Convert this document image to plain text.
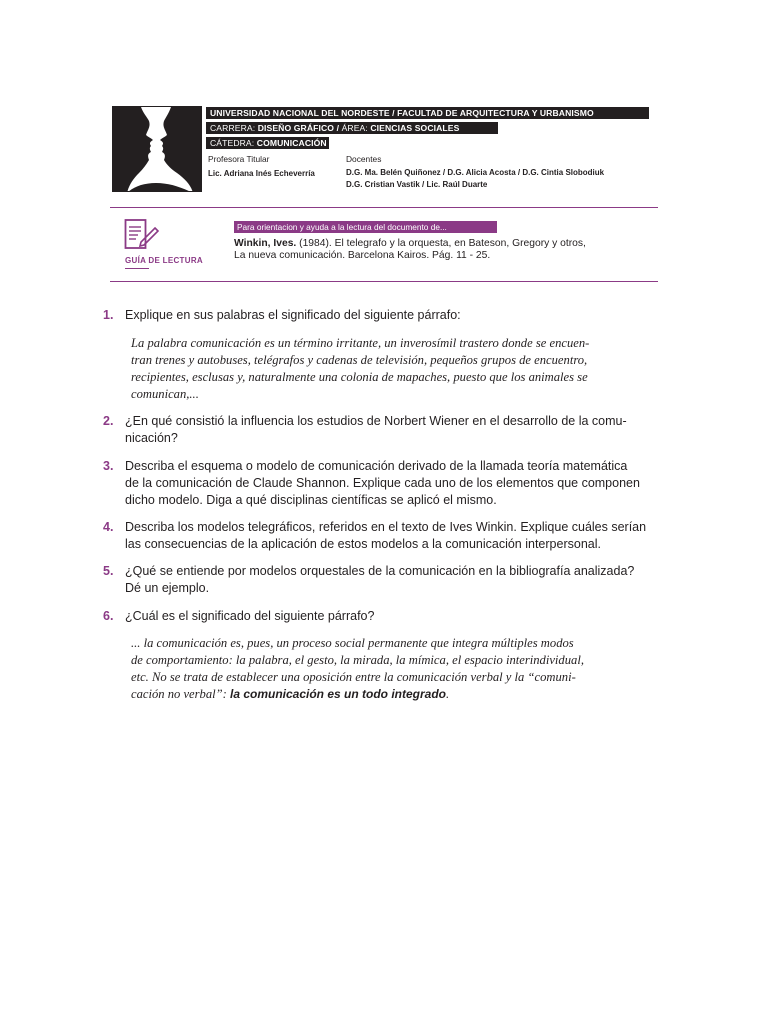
UNIVERSIDAD NACIONAL DEL NORDESTE / FACULTAD DE ARQUITECTURA Y URBANISMO
CARRERA: DISEÑO GRÁFICO / ÁREA: CIENCIAS SOCIALES
CÁTEDRA: COMUNICACIÓN I
Profesora Titular
Lic. Adriana Inés Echeverría
Docentes
D.G. Ma. Belén Quiñonez / D.G. Alicia Acosta / D.G. Cintia Slobodiuk
D.G. Cristian Vastik / Lic. Raúl Duarte
GUÍA DE LECTURA
Para orientacion y ayuda a la lectura del documento de...
Winkin, Ives. (1984). El telegrafo y la orquesta, en Bateson, Gregory y otros,
La nueva comunicación. Barcelona Kairos. Pág. 11 - 25.
1. Explique en sus palabras el significado del siguiente párrafo:
La palabra comunicación es un término irritante, un inverosímil trastero donde se encuen-
tran trenes y autobuses, telégrafos y cadenas de televisión, pequeños grupos de encuentro,
recipientes, esclusas y, naturalmente una colonia de mapaches, puesto que los animales se
comunican,...
2. ¿En qué consistió la influencia los estudios de Norbert Wiener en el desarrollo de la comu-
nicación?
3. Describa el esquema o modelo de comunicación derivado de la llamada teoría matemática
de la comunicación de Claude Shannon. Explique cada uno de los elementos que componen
dicho modelo. Diga a qué disciplinas científicas se aplicó el mismo.
4. Describa los modelos telegráficos, referidos en el texto de Ives Winkin. Explique cuáles serían
las consecuencias de la aplicación de estos modelos a la comunicación interpersonal.
5. ¿Qué se entiende por modelos orquestales de la comunicación en la bibliografía analizada?
Dé un ejemplo.
6. ¿Cuál es el significado del siguiente párrafo?
... la comunicación es, pues, un proceso social permanente que integra múltiples modos
de comportamiento: la palabra, el gesto, la mirada, la mímica, el espacio interindividual,
etc. No se trata de establecer una oposición entre la comunicación verbal y la “comuni-
cación no verbal”: la comunicación es un todo integrado.
